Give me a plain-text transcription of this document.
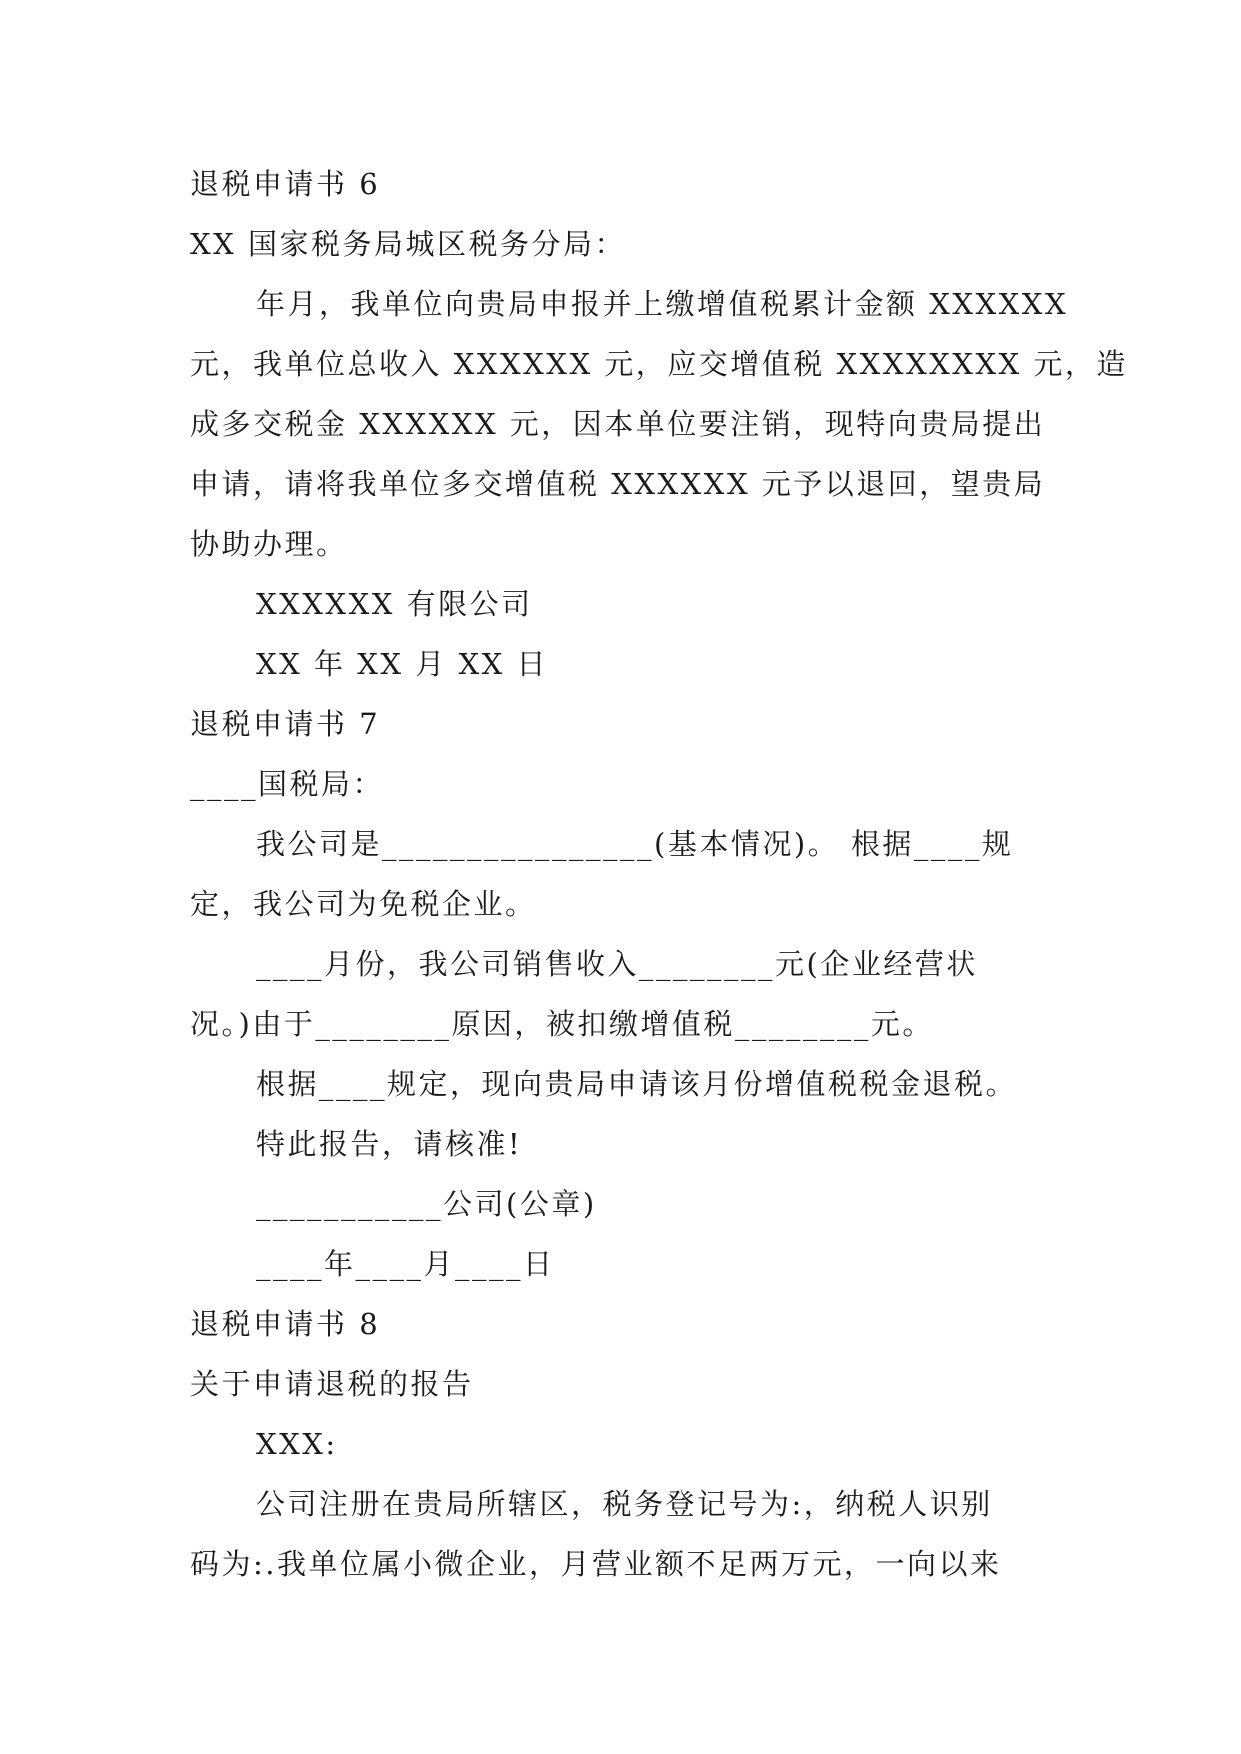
退税申请书 6
XX 国家税务局城区税务分局：
年月，我单位向贵局申报并上缴增值税累计金额 XXXXXX
元，我单位总收入 XXXXXX 元，应交增值税 XXXXXXXX 元，造
成多交税金 XXXXXX 元，因本单位要注销，现特向贵局提出
申请，请将我单位多交增值税 XXXXXX 元予以退回，望贵局
协助办理。
XXXXXX 有限公司
XX 年 XX 月 XX 日
退税申请书 7
____国税局：
我公司是________________(基本情况)。 根据____规
定，我公司为免税企业。
____月份，我公司销售收入________元(企业经营状
况。)由于________原因，被扣缴增值税________元。
根据____规定，现向贵局申请该月份增值税税金退税。
特此报告，请核准!
___________公司(公章)
____年____月____日
退税申请书 8
关于申请退税的报告
XXX:
公司注册在贵局所辖区，税务登记号为:，纳税人识别
码为:.我单位属小微企业，月营业额不足两万元，一向以来
